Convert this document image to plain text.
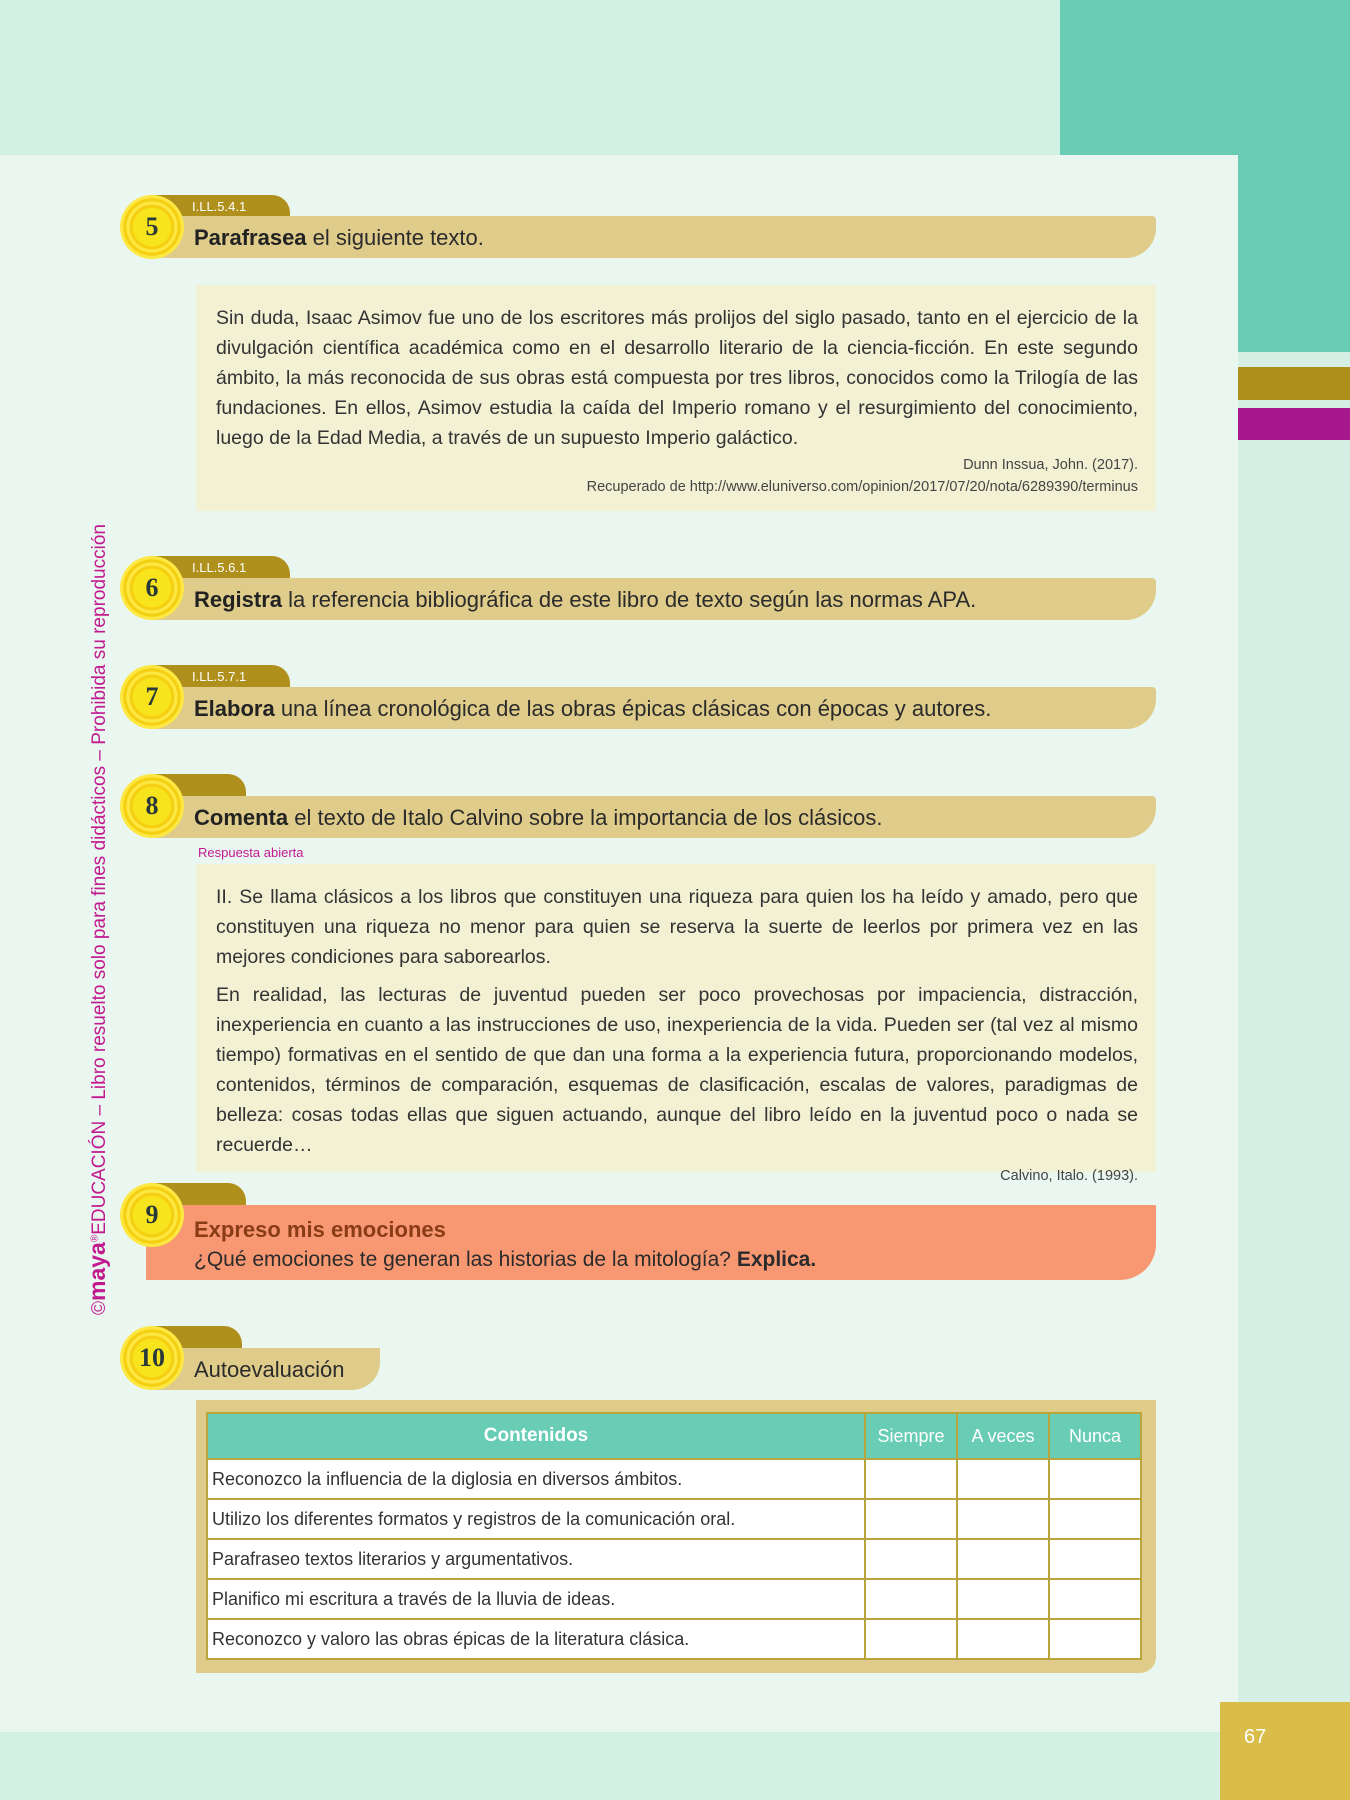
67
©maya®EDUCACIÓN – Libro resuelto solo para fines didácticos – Prohibida su reproducción
5
I.LL.5.4.1
Parafrasea el siguiente texto.

Sin duda, Isaac Asimov fue uno de los escritores más prolijos del siglo pasado, tanto en el ejercicio de la divulgación científica académica como en el desarrollo literario de la ciencia-ficción. En este segundo ámbito, la más reconocida de sus obras está compuesta por tres libros, conocidos como la Trilogía de las fundaciones. En ellos, Asimov estudia la caída del Imperio romano y el resurgimiento del conocimiento, luego de la Edad Media, a través de un supuesto Imperio galáctico.

Dunn Inssua, John. (2017).
Recuperado de http://www.eluniverso.com/opinion/2017/07/20/nota/6289390/terminus
6
I.LL.5.6.1
Registra la referencia bibliográfica de este libro de texto según las normas APA.
7
I.LL.5.7.1
Elabora una línea cronológica de las obras épicas clásicas con épocas y autores.
8	Comenta el texto de Italo Calvino sobre la importancia de los clásicos.
Respuesta abierta

II. Se llama clásicos a los libros que constituyen una riqueza para quien los ha leído y amado, pero que constituyen una riqueza no menor para quien se reserva la suerte de leerlos por primera vez en las mejores condiciones para saborearlos.

En realidad, las lecturas de juventud pueden ser poco provechosas por impaciencia, distracción, inexperiencia en cuanto a las instrucciones de uso, inexperiencia de la vida. Pueden ser (tal vez al mismo tiempo) formativas en el sentido de que dan una forma a la experiencia futura, proporcionando modelos, contenidos, términos de comparación, esquemas de clasificación, escalas de valores, paradigmas de belleza: cosas todas ellas que siguen actuando, aunque del libro leído en la juventud poco o nada se recuerde…

Calvino, Italo. (1993).
9
Expreso mis emociones
¿Qué emociones te generan las historias de la mitología? Explica.
10	Autoevaluación
Contenidos	Siempre	A veces	Nunca
Reconozco la influencia de la diglosia en diversos ámbitos.			
Utilizo los diferentes formatos y registros de la comunicación oral.			
Parafraseo textos literarios y argumentativos.			
Planifico mi escritura a través de la lluvia de ideas.			
Reconozco y valoro las obras épicas de la literatura clásica.			
